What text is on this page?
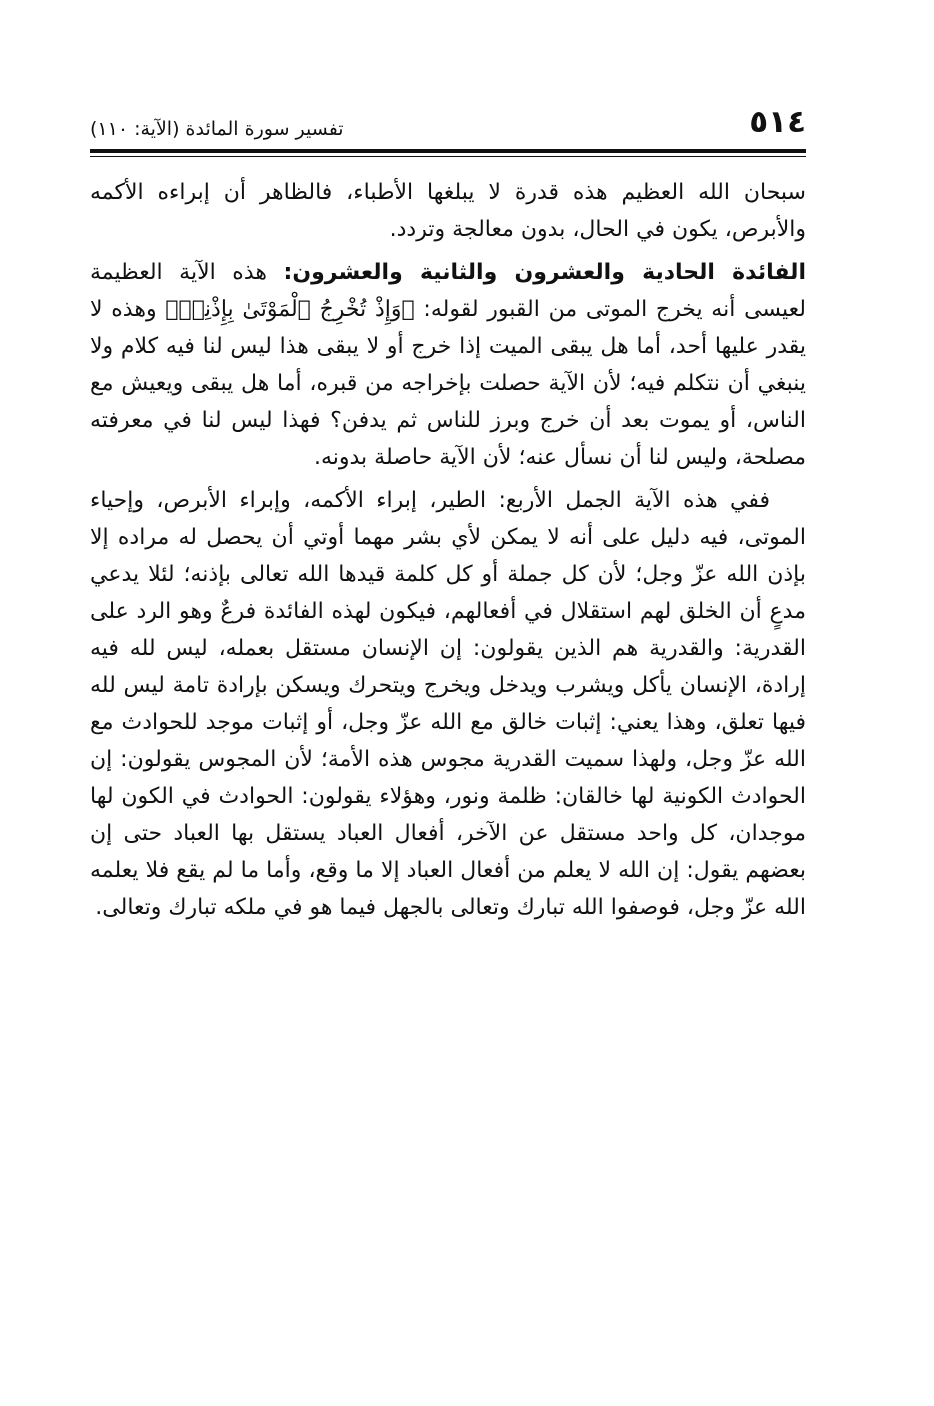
٥١٤
تفسير سورة المائدة (الآية: ١١٠)

سبحان الله العظيم هذه قدرة لا يبلغها الأطباء، فالظاهر أن إبراءه الأكمه والأبرص، يكون في الحال، بدون معالجة وتردد.

الفائدة الحادية والعشرون والثانية والعشرون: هذه الآية العظيمة لعيسى أنه يخرج الموتى من القبور لقوله: ﴿وَإِذْ تُخْرِجُ ٱلْمَوْتَىٰ بِإِذْنِيۖ﴾ وهذه لا يقدر عليها أحد، أما هل يبقى الميت إذا خرج أو لا يبقى هذا ليس لنا فيه كلام ولا ينبغي أن نتكلم فيه؛ لأن الآية حصلت بإخراجه من قبره، أما هل يبقى ويعيش مع الناس، أو يموت بعد أن خرج وبرز للناس ثم يدفن؟ فهذا ليس لنا في معرفته مصلحة، وليس لنا أن نسأل عنه؛ لأن الآية حاصلة بدونه.

ففي هذه الآية الجمل الأربع: الطير، إبراء الأكمه، وإبراء الأبرص، وإحياء الموتى، فيه دليل على أنه لا يمكن لأي بشر مهما أوتي أن يحصل له مراده إلا بإذن الله عزّ وجل؛ لأن كل جملة أو كل كلمة قيدها الله تعالى بإذنه؛ لئلا يدعي مدعٍ أن الخلق لهم استقلال في أفعالهم، فيكون لهذه الفائدة فرعٌ وهو الرد على القدرية: والقدرية هم الذين يقولون: إن الإنسان مستقل بعمله، ليس لله فيه إرادة، الإنسان يأكل ويشرب ويدخل ويخرج ويتحرك ويسكن بإرادة تامة ليس لله فيها تعلق، وهذا يعني: إثبات خالق مع الله عزّ وجل، أو إثبات موجد للحوادث مع الله عزّ وجل، ولهذا سميت القدرية مجوس هذه الأمة؛ لأن المجوس يقولون: إن الحوادث الكونية لها خالقان: ظلمة ونور، وهؤلاء يقولون: الحوادث في الكون لها موجدان، كل واحد مستقل عن الآخر، أفعال العباد يستقل بها العباد حتى إن بعضهم يقول: إن الله لا يعلم من أفعال العباد إلا ما وقع، وأما ما لم يقع فلا يعلمه الله عزّ وجل، فوصفوا الله تبارك وتعالى بالجهل فيما هو في ملكه تبارك وتعالى.
